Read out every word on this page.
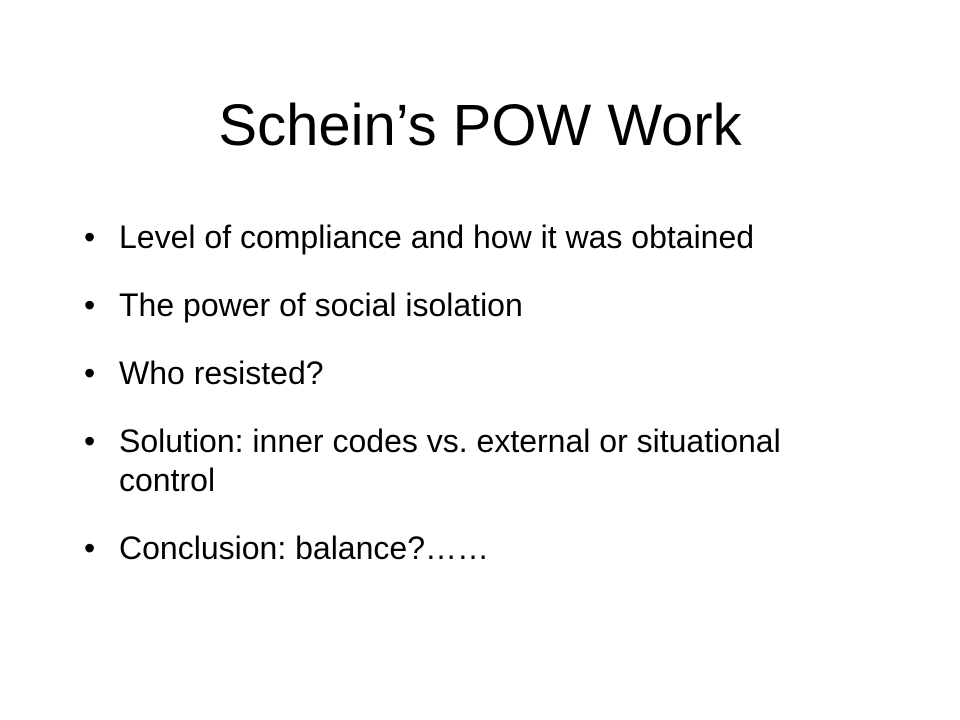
Schein’s POW Work
• Level of compliance and how it was obtained
• The power of social isolation
• Who resisted?
• Solution: inner codes vs. external or situational control
• Conclusion: balance?……
